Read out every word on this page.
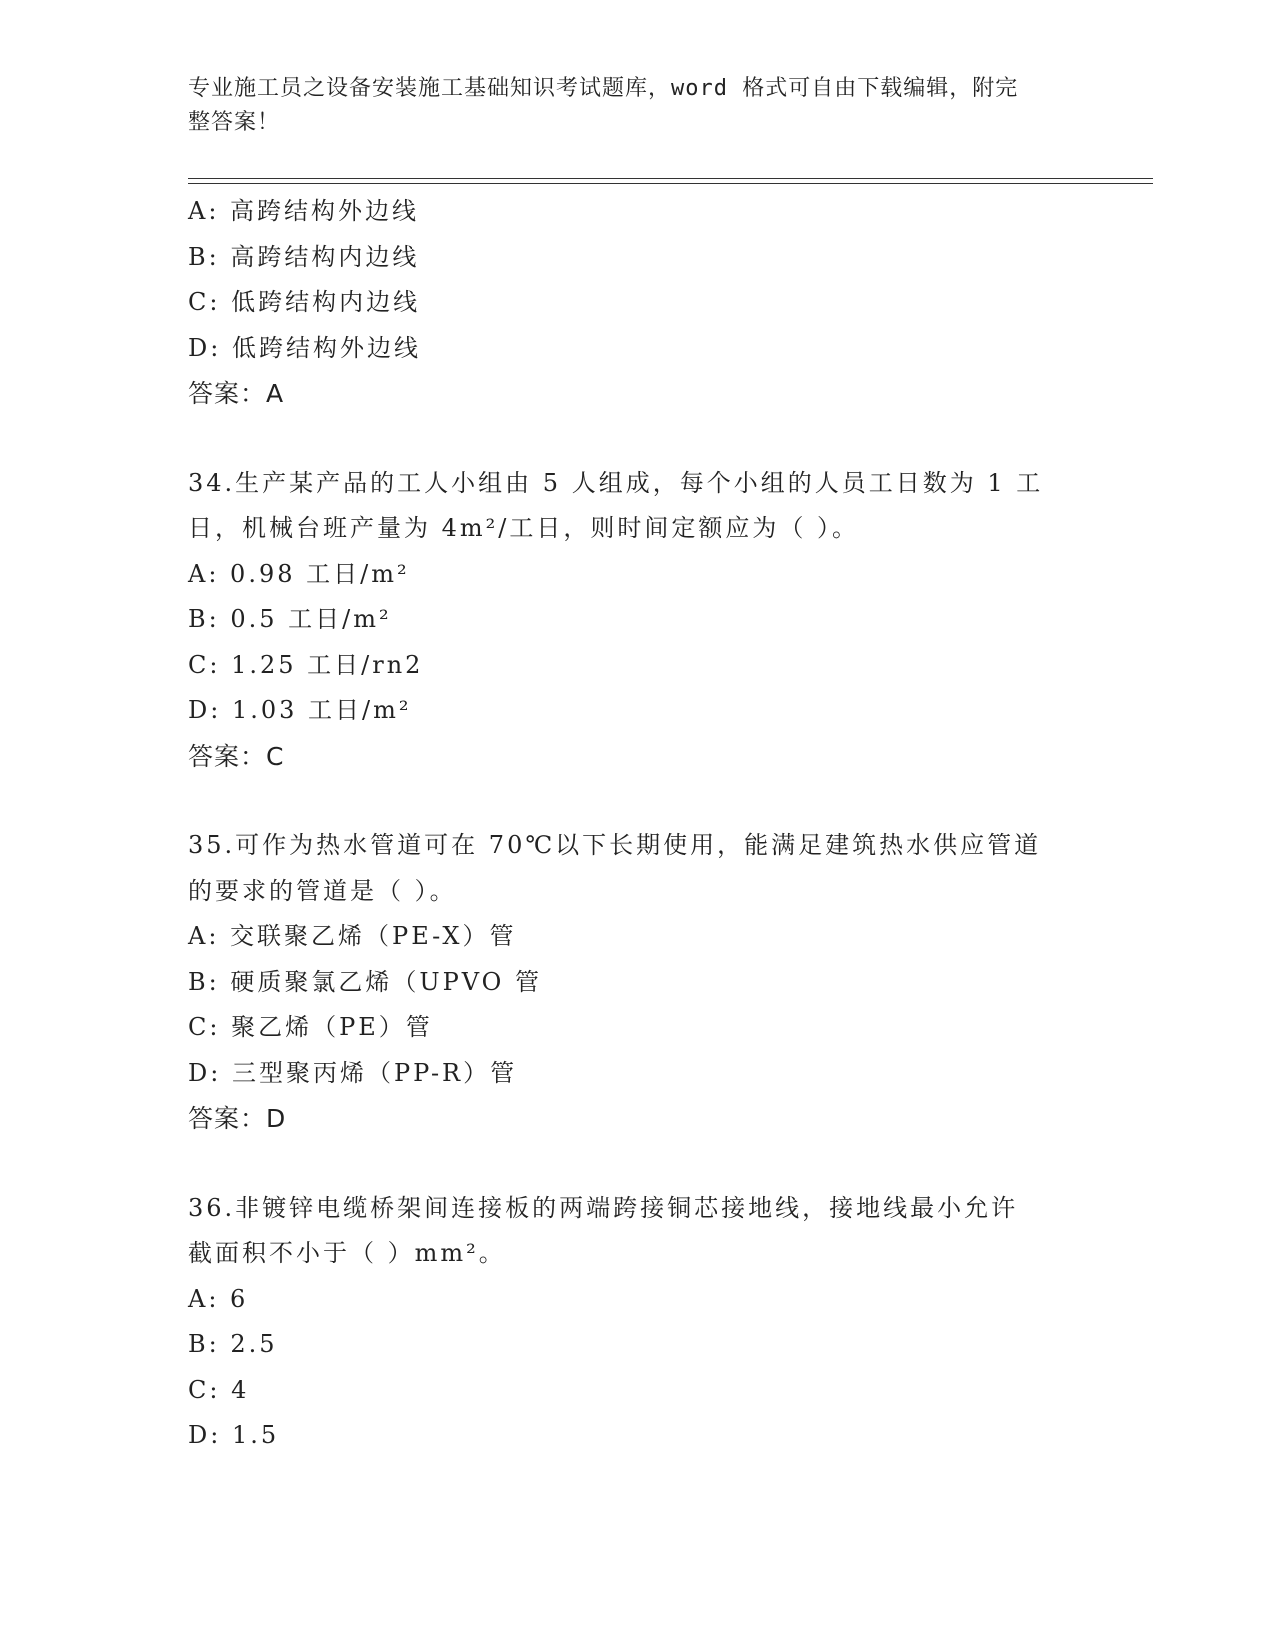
专业施工员之设备安装施工基础知识考试题库，word 格式可自由下载编辑，附完
整答案！
A: 高跨结构外边线
B: 高跨结构内边线
C: 低跨结构内边线
D: 低跨结构外边线
答案：A
34.生产某产品的工人小组由 5 人组成，每个小组的人员工日数为 1 工
日，机械台班产量为 4m²/工日，则时间定额应为（ ）。
A: 0.98 工日/m²
B: 0.5 工日/m²
C: 1.25 工日/rn2
D: 1.03 工日/m²
答案：C
35.可作为热水管道可在 70℃以下长期使用，能满足建筑热水供应管道
的要求的管道是（ ）。
A: 交联聚乙烯（PE-X）管
B: 硬质聚氯乙烯（UPVO 管
C: 聚乙烯（PE）管
D: 三型聚丙烯（PP-R）管
答案：D
36.非镀锌电缆桥架间连接板的两端跨接铜芯接地线，接地线最小允许
截面积不小于（ ）mm²。
A: 6
B: 2.5
C: 4
D: 1.5
